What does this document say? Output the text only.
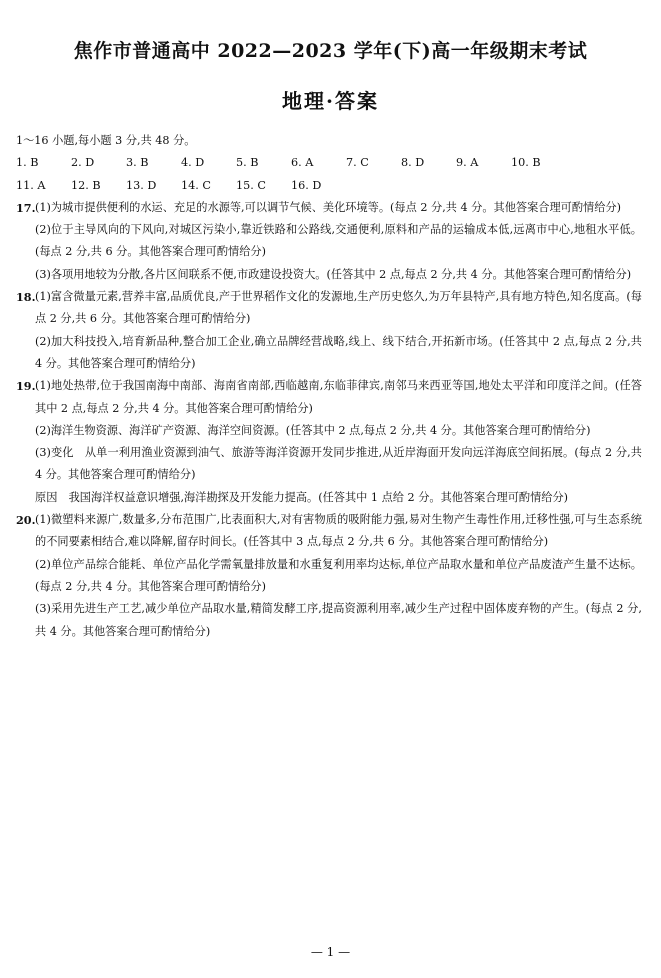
焦作市普通高中 2022—2023 学年(下)高一年级期末考试
地理·答案
1～16 小题,每小题 3 分,共 48 分。
1. B	2. D	3. B	4. D	5. B	6. A	7. C	8. D	9. A	10. B
11. A	12. B	13. D	14. C	15. C	16. D
17. (1)为城市提供便利的水运、充足的水源等,可以调节气候、美化环境等。(每点 2 分,共 4 分。其他答案合理可酌情给分)
(2)位于主导风向的下风向,对城区污染小,靠近铁路和公路线,交通便利,原料和产品的运输成本低,远离市中心,地租水平低。(每点 2 分,共 6 分。其他答案合理可酌情给分)
(3)各项用地较为分散,各片区间联系不便,市政建设投资大。(任答其中 2 点,每点 2 分,共 4 分。其他答案合理可酌情给分)
18. (1)富含微量元素,营养丰富,品质优良,产于世界稻作文化的发源地,生产历史悠久,为万年县特产,具有地方特色,知名度高。(每点 2 分,共 6 分。其他答案合理可酌情给分)
(2)加大科技投入,培育新品种,整合加工企业,确立品牌经营战略,线上、线下结合,开拓新市场。(任答其中 2 点,每点 2 分,共 4 分。其他答案合理可酌情给分)
19. (1)地处热带,位于我国南海中南部、海南省南部,西临越南,东临菲律宾,南邻马来西亚等国,地处太平洋和印度洋之间。(任答其中 2 点,每点 2 分,共 4 分。其他答案合理可酌情给分)
(2)海洋生物资源、海洋矿产资源、海洋空间资源。(任答其中 2 点,每点 2 分,共 4 分。其他答案合理可酌情给分)
(3)变化　从单一利用渔业资源到油气、旅游等海洋资源开发同步推进,从近岸海面开发向远洋海底空间拓展。(每点 2 分,共 4 分。其他答案合理可酌情给分)
原因　我国海洋权益意识增强,海洋勘探及开发能力提高。(任答其中 1 点给 2 分。其他答案合理可酌情给分)
20. (1)微塑料来源广,数量多,分布范围广,比表面积大,对有害物质的吸附能力强,易对生物产生毒性作用,迁移性强,可与生态系统的不同要素相结合,难以降解,留存时间长。(任答其中 3 点,每点 2 分,共 6 分。其他答案合理可酌情给分)
(2)单位产品综合能耗、单位产品化学需氧量排放量和水重复利用率均达标,单位产品取水量和单位产品废渣产生量不达标。(每点 2 分,共 4 分。其他答案合理可酌情给分)
(3)采用先进生产工艺,减少单位产品取水量,精简发酵工序,提高资源利用率,减少生产过程中固体废弃物的产生。(每点 2 分,共 4 分。其他答案合理可酌情给分)
— 1 —
